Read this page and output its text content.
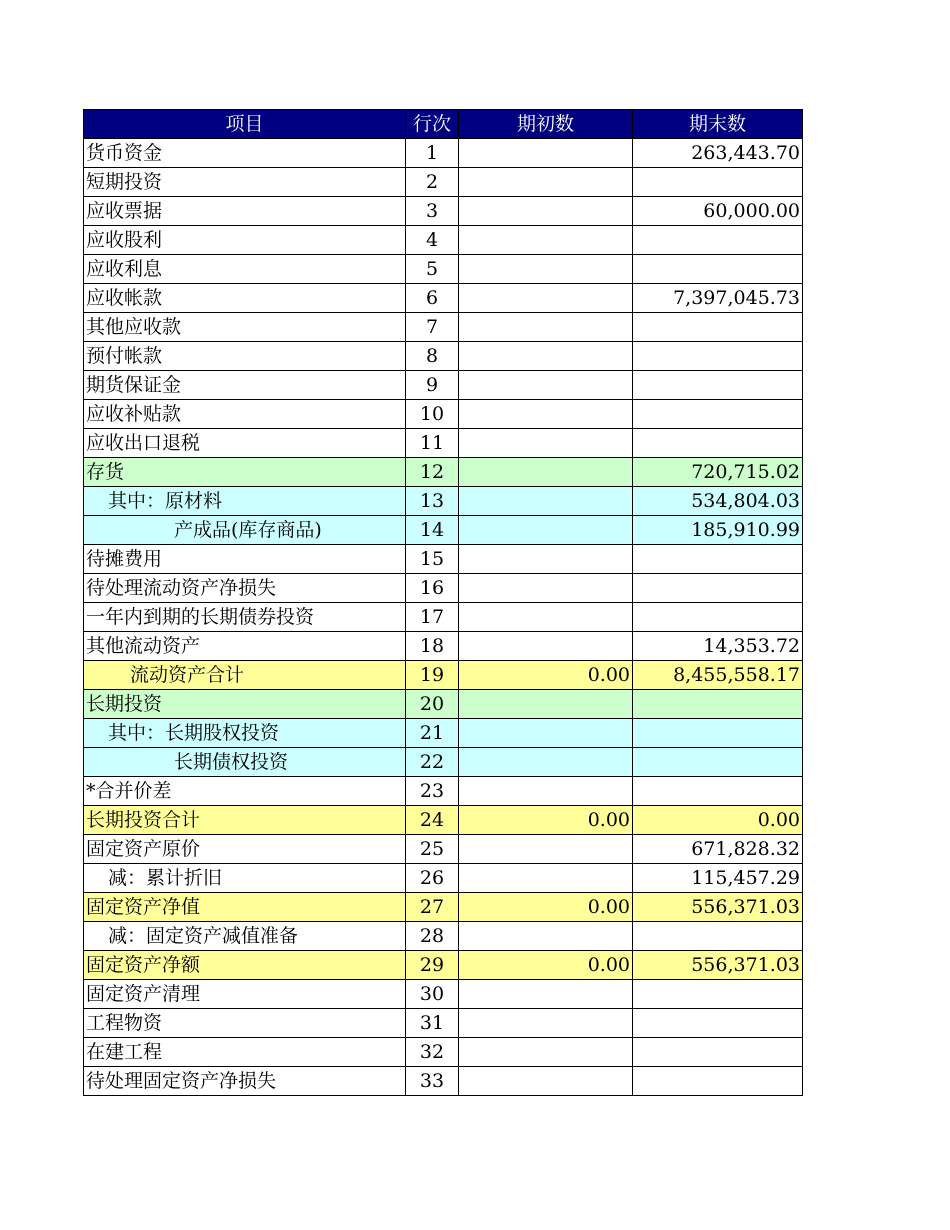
项目	行次	期初数	期末数
货币资金	1		263,443.70
短期投资	2		
应收票据	3		60,000.00
应收股利	4		
应收利息	5		
应收帐款	6		7,397,045.73
其他应收款	7		
预付帐款	8		
期货保证金	9		
应收补贴款	10		
应收出口退税	11		
存货	12		720,715.02
其中：原材料	13		534,804.03
产成品(库存商品)	14		185,910.99
待摊费用	15		
待处理流动资产净损失	16		
一年内到期的长期债券投资	17		
其他流动资产	18		14,353.72
流动资产合计	19	0.00	8,455,558.17
长期投资	20		
其中：长期股权投资	21		
长期债权投资	22		
*合并价差	23		
长期投资合计	24	0.00	0.00
固定资产原价	25		671,828.32
减：累计折旧	26		115,457.29
固定资产净值	27	0.00	556,371.03
减：固定资产减值准备	28		
固定资产净额	29	0.00	556,371.03
固定资产清理	30		
工程物资	31		
在建工程	32		
待处理固定资产净损失	33		
